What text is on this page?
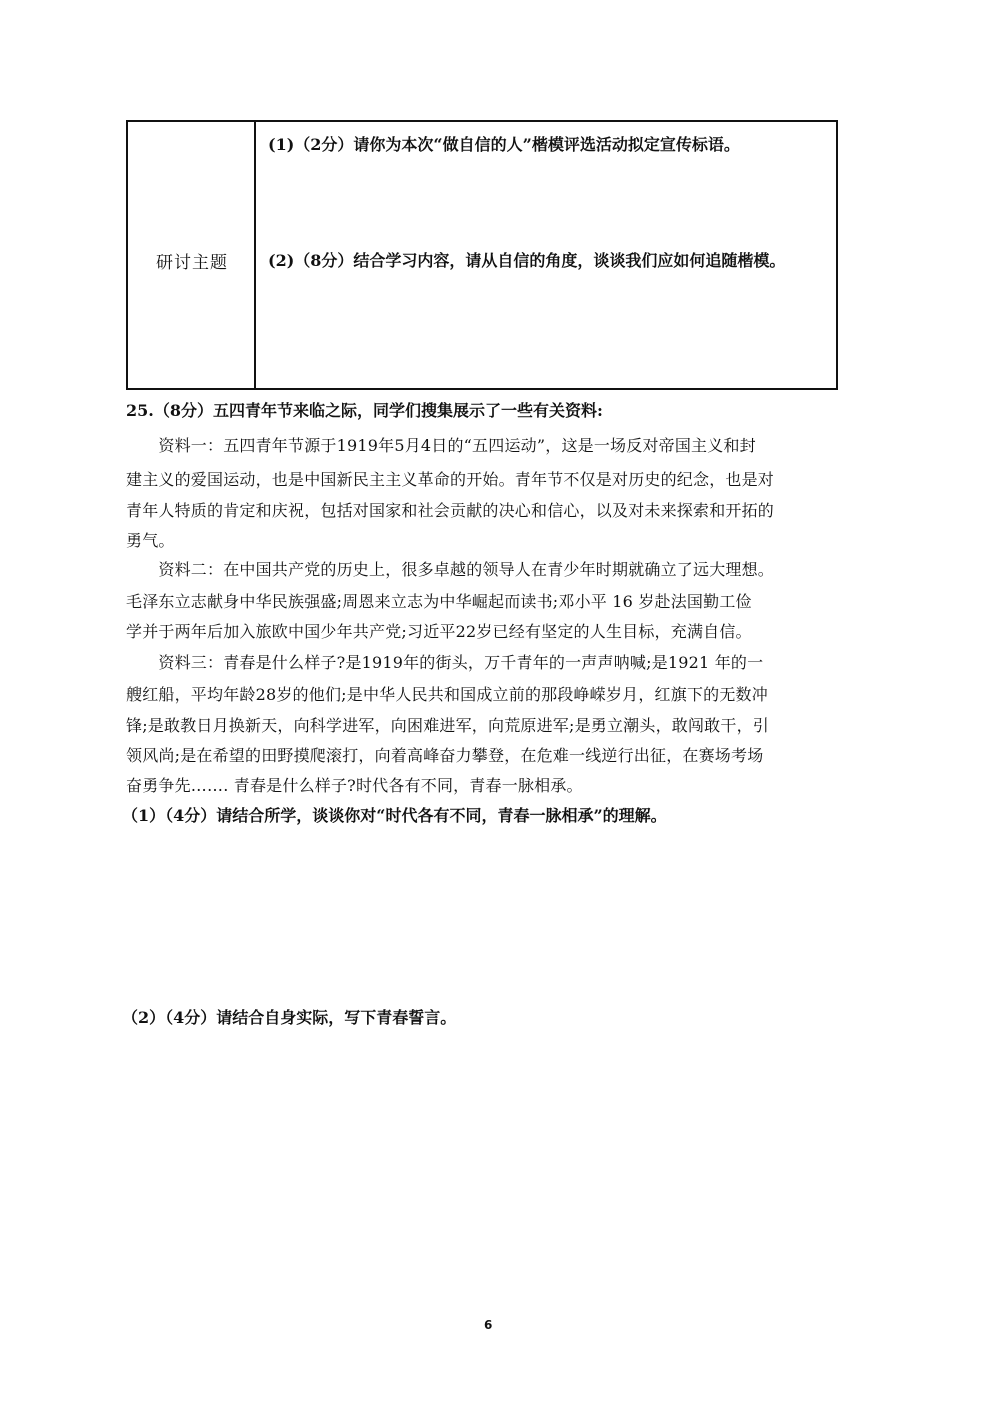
研讨主题
(1)（2分）请你为本次“做自信的人”楷模评选活动拟定宣传标语。
(2)（8分）结合学习内容，请从自信的角度，谈谈我们应如何追随楷模。
25.（8分）五四青年节来临之际，同学们搜集展示了一些有关资料:
　　资料一：五四青年节源于1919年5月4日的“五四运动”，这是一场反对帝国主义和封
建主义的爱国运动，也是中国新民主主义革命的开始。青年节不仅是对历史的纪念，也是对
青年人特质的肯定和庆祝，包括对国家和社会贡献的决心和信心，以及对未来探索和开拓的
勇气。
　　资料二：在中国共产党的历史上，很多卓越的领导人在青少年时期就确立了远大理想。
毛泽东立志献身中华民族强盛;周恩来立志为中华崛起而读书;邓小平 16 岁赴法国勤工俭
学并于两年后加入旅欧中国少年共产党;习近平22岁已经有坚定的人生目标，充满自信。
　　资料三：青春是什么样子?是1919年的街头，万千青年的一声声呐喊;是1921 年的一
艘红船，平均年龄28岁的他们;是中华人民共和国成立前的那段峥嵘岁月，红旗下的无数冲
锋;是敢教日月换新天，向科学进军，向困难进军，向荒原进军;是勇立潮头，敢闯敢干，引
领风尚;是在希望的田野摸爬滚打，向着高峰奋力攀登，在危难一线逆行出征，在赛场考场
奋勇争先……. 青春是什么样子?时代各有不同，青春一脉相承。
（1）（4分）请结合所学，谈谈你对“时代各有不同，青春一脉相承”的理解。
（2）（4分）请结合自身实际，写下青春誓言。
6
